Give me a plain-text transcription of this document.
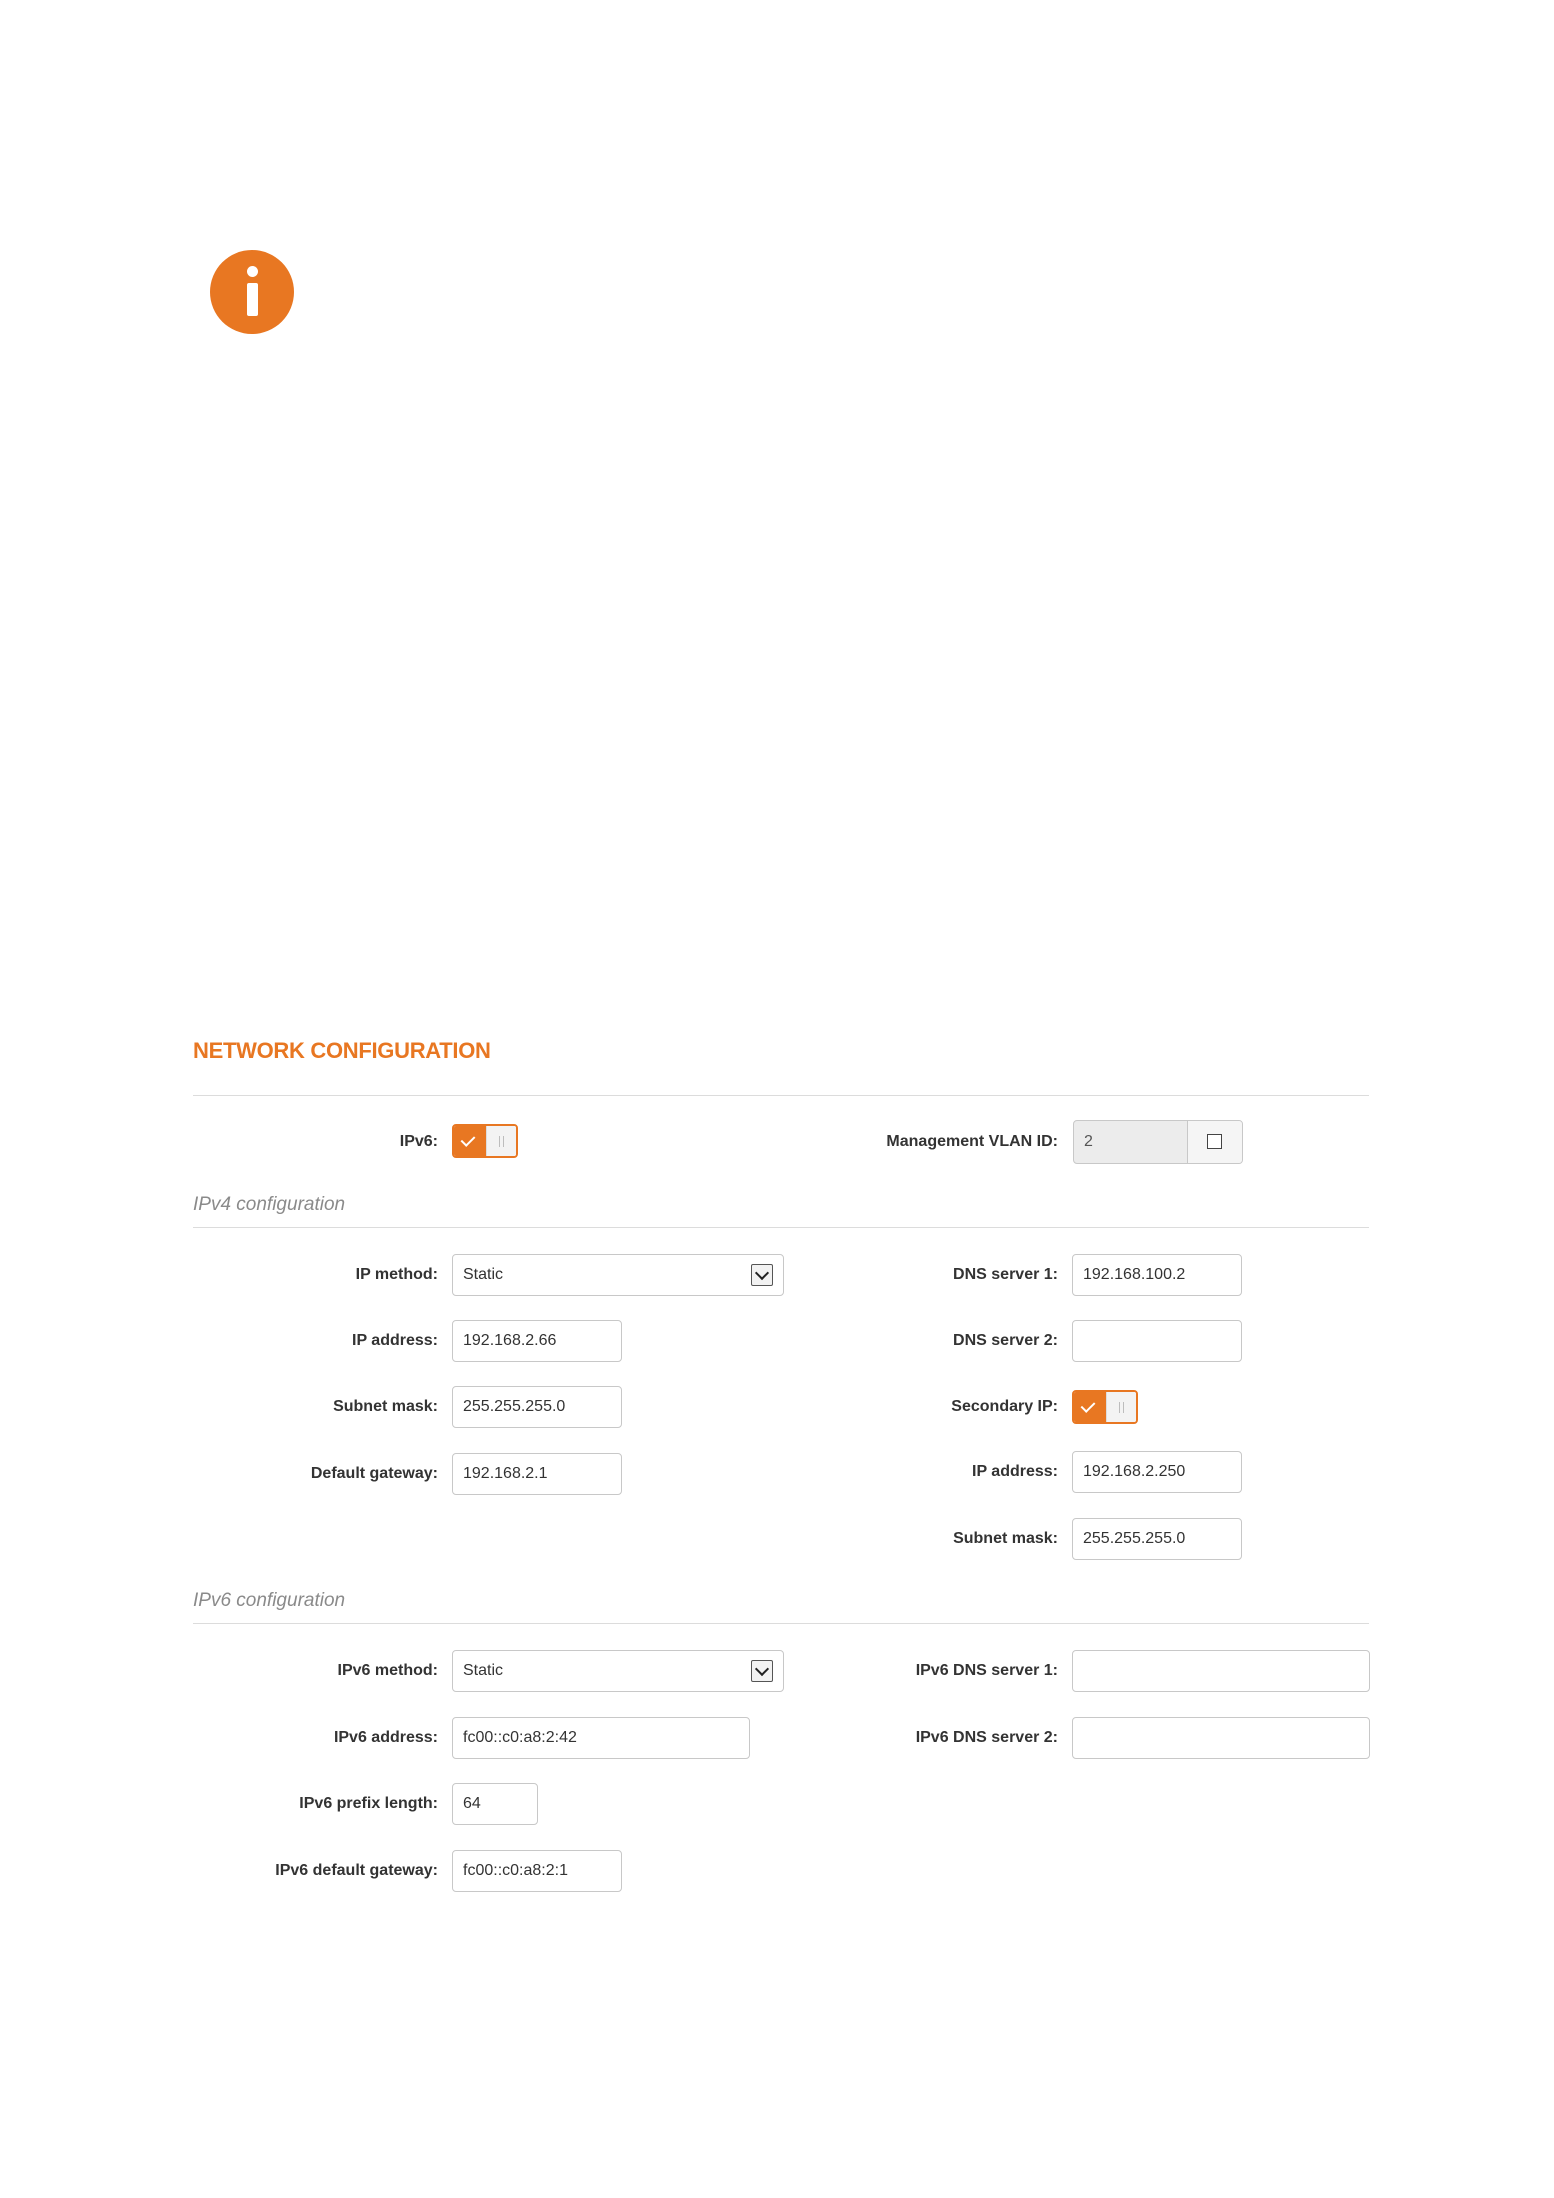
NETWORK CONFIGURATION
IPv6:	Management VLAN ID: 2
IPv4 configuration
IP method:	Static
IP address:	192.168.2.66
Subnet mask:	255.255.255.0
Default gateway:	192.168.2.1
DNS server 1:	192.168.100.2
DNS server 2:
Secondary IP:
IP address:	192.168.2.250
Subnet mask:	255.255.255.0
IPv6 configuration
IPv6 method:	Static
IPv6 address:	fc00::c0:a8:2:42
IPv6 prefix length:	64
IPv6 default gateway:	fc00::c0:a8:2:1
IPv6 DNS server 1:
IPv6 DNS server 2:
